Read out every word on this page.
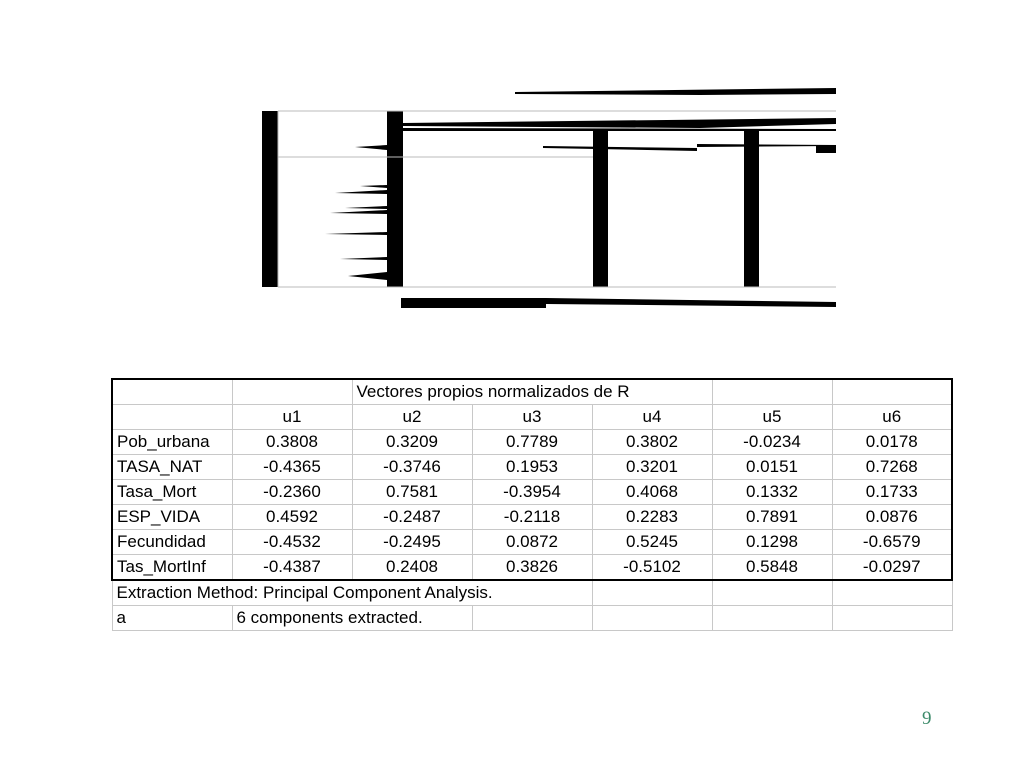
		Vectores propios normalizados de R				
	u1	u2	u3	u4	u5	u6
Pob_urbana	0.3808	0.3209	0.7789	0.3802	-0.0234	0.0178
TASA_NAT	-0.4365	-0.3746	0.1953	0.3201	0.0151	0.7268
Tasa_Mort	-0.2360	0.7581	-0.3954	0.4068	0.1332	0.1733
ESP_VIDA	0.4592	-0.2487	-0.2118	0.2283	0.7891	0.0876
Fecundidad	-0.4532	-0.2495	0.0872	0.5245	0.1298	-0.6579
Tas_MortInf	-0.4387	0.2408	0.3826	-0.5102	0.5848	-0.0297
Extraction Method: Principal Component Analysis.						
a	6 components extracted.					
9
